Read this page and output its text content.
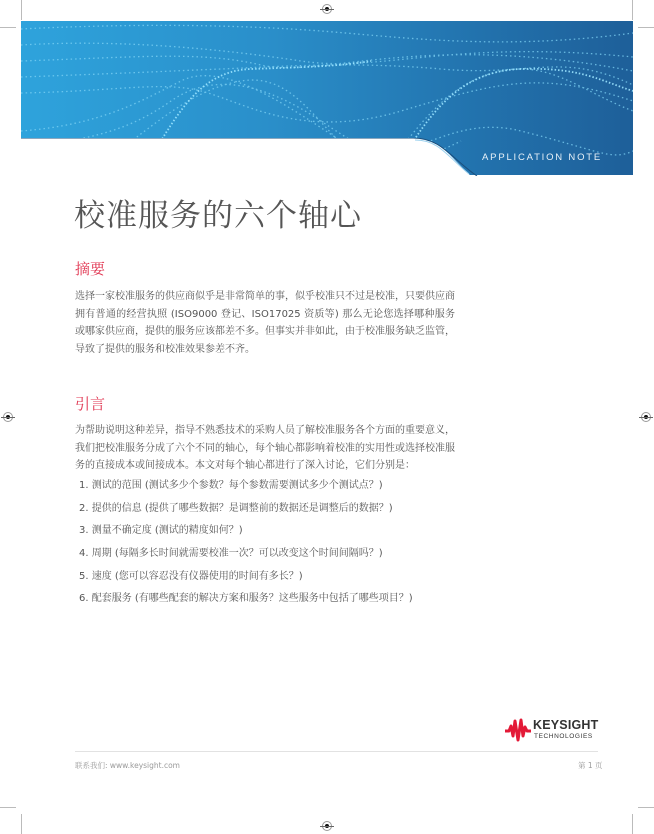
APPLICATION NOTE
校准服务的六个轴心
摘要
选择一家校准服务的供应商似乎是非常简单的事，似乎校准只不过是校准，只要供应商拥有普通的经营执照 (ISO9000 登记、ISO17025 资质等) 那么无论您选择哪种服务或哪家供应商，提供的服务应该都差不多。但事实并非如此，由于校准服务缺乏监管，导致了提供的服务和校准效果参差不齐。
引言
为帮助说明这种差异，指导不熟悉技术的采购人员了解校准服务各个方面的重要意义，我们把校准服务分成了六个不同的轴心，每个轴心都影响着校准的实用性或选择校准服务的直接成本或间接成本。本文对每个轴心都进行了深入讨论，它们分别是：
1. 测试的范围 (测试多少个参数？每个参数需要测试多少个测试点？)
2. 提供的信息 (提供了哪些数据？是调整前的数据还是调整后的数据？)
3. 测量不确定度 (测试的精度如何？)
4. 周期 (每隔多长时间就需要校准一次？可以改变这个时间间隔吗？)
5. 速度 (您可以容忍没有仪器使用的时间有多长？)
6. 配套服务 (有哪些配套的解决方案和服务？这些服务中包括了哪些项目？)
KEYSIGHT
TECHNOLOGIES
联系我们: www.keysight.com	第 1 页
